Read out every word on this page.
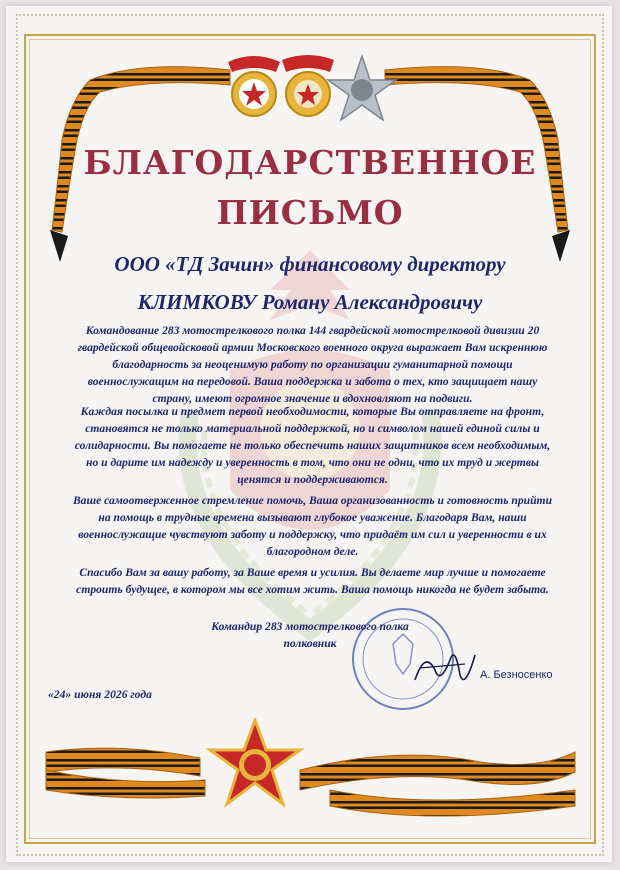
БЛАГОДАРСТВЕННОЕ
ПИСЬМО
ООО «ТД Зачин» финансовому директору
КЛИМКОВУ Роману Александровичу
Командование 283 мотострелкового полка 144 гвардейской мотострелковой дивизии 20 гвардейской общевойсковой армии Московского военного округа выражает Вам искреннюю благодарность за неоценимую работу по организации гуманитарной помощи военнослужащим на передовой. Ваша поддержка и забота о тех, кто защищает нашу страну, имеют огромное значение и вдохновляют на подвиги.
Каждая посылка и предмет первой необходимости, которые Вы отправляете на фронт, становятся не только материальной поддержкой, но и символом нашей единой силы и солидарности. Вы помогаете не только обеспечить наших защитников всем необходимым, но и дарите им надежду и уверенность в том, что они не одни, что их труд и жертвы ценятся и поддерживаются.
Ваше самоотверженное стремление помочь, Ваша организованность и готовность прийти на помощь в трудные времена вызывают глубокое уважение. Благодаря Вам, наши военнослужащие чувствуют заботу и поддержку, что придаёт им сил и уверенности в их благородном деле.
Спасибо Вам за вашу работу, за Ваше время и усилия. Вы делаете мир лучше и помогаете строить будущее, в котором мы все хотим жить. Ваша помощь никогда не будет забыта.
Командир 283 мотострелкового полка
полковник
А. Безносенко
«24» июня 2026 года
